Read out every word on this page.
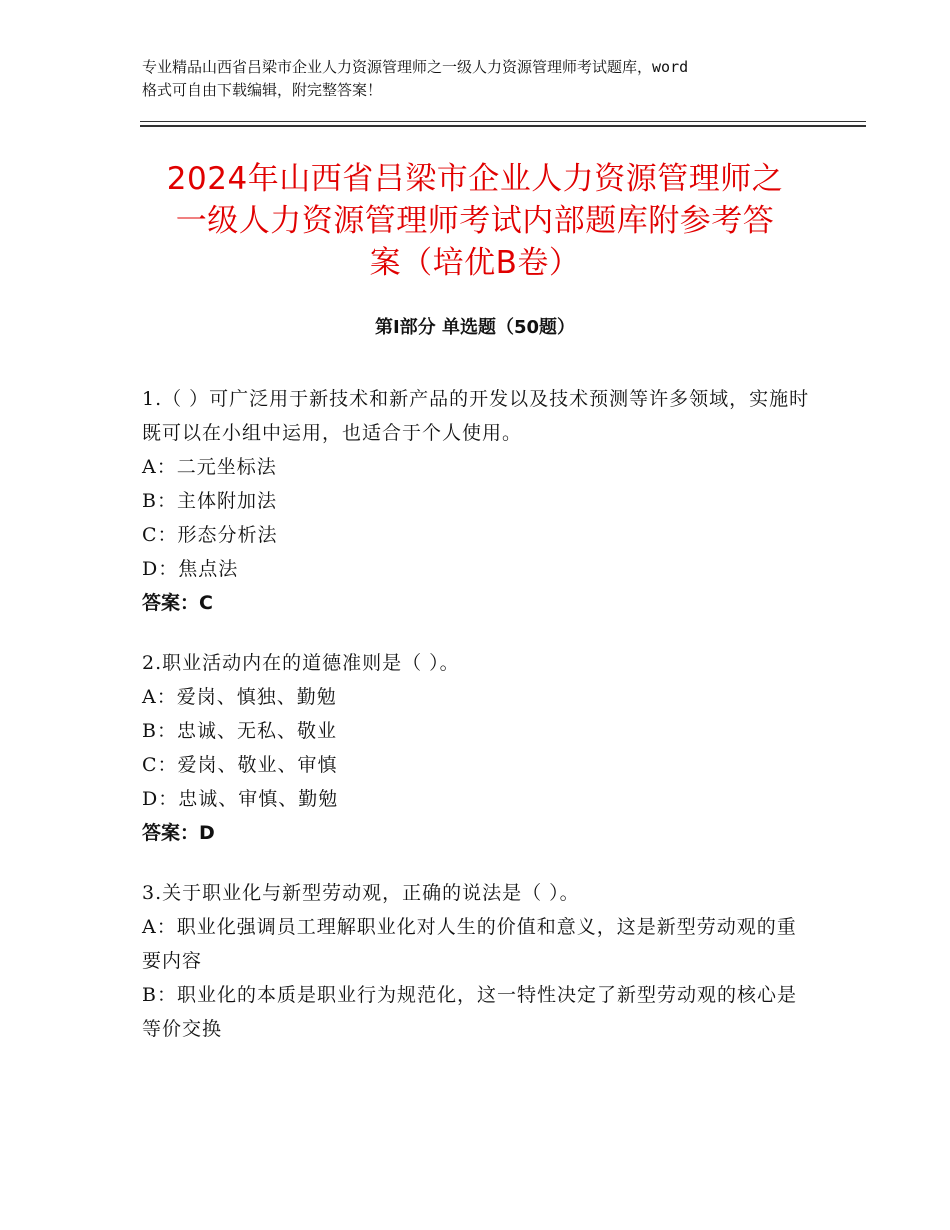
专业精品山西省吕梁市企业人力资源管理师之一级人力资源管理师考试题库，word
格式可自由下载编辑，附完整答案！
2024年山西省吕梁市企业人力资源管理师之
一级人力资源管理师考试内部题库附参考答
案（培优B卷）
第Ⅰ部分 单选题（50题）
1.（ ）可广泛用于新技术和新产品的开发以及技术预测等许多领域，实施时既可以在小组中运用，也适合于个人使用。
A：二元坐标法
B：主体附加法
C：形态分析法
D：焦点法
答案：C
2.职业活动内在的道德准则是（ ）。
A：爱岗、慎独、勤勉
B：忠诚、无私、敬业
C：爱岗、敬业、审慎
D：忠诚、审慎、勤勉
答案：D
3.关于职业化与新型劳动观，正确的说法是（ ）。
A：职业化强调员工理解职业化对人生的价值和意义，这是新型劳动观的重要内容
B：职业化的本质是职业行为规范化，这一特性决定了新型劳动观的核心是等价交换
